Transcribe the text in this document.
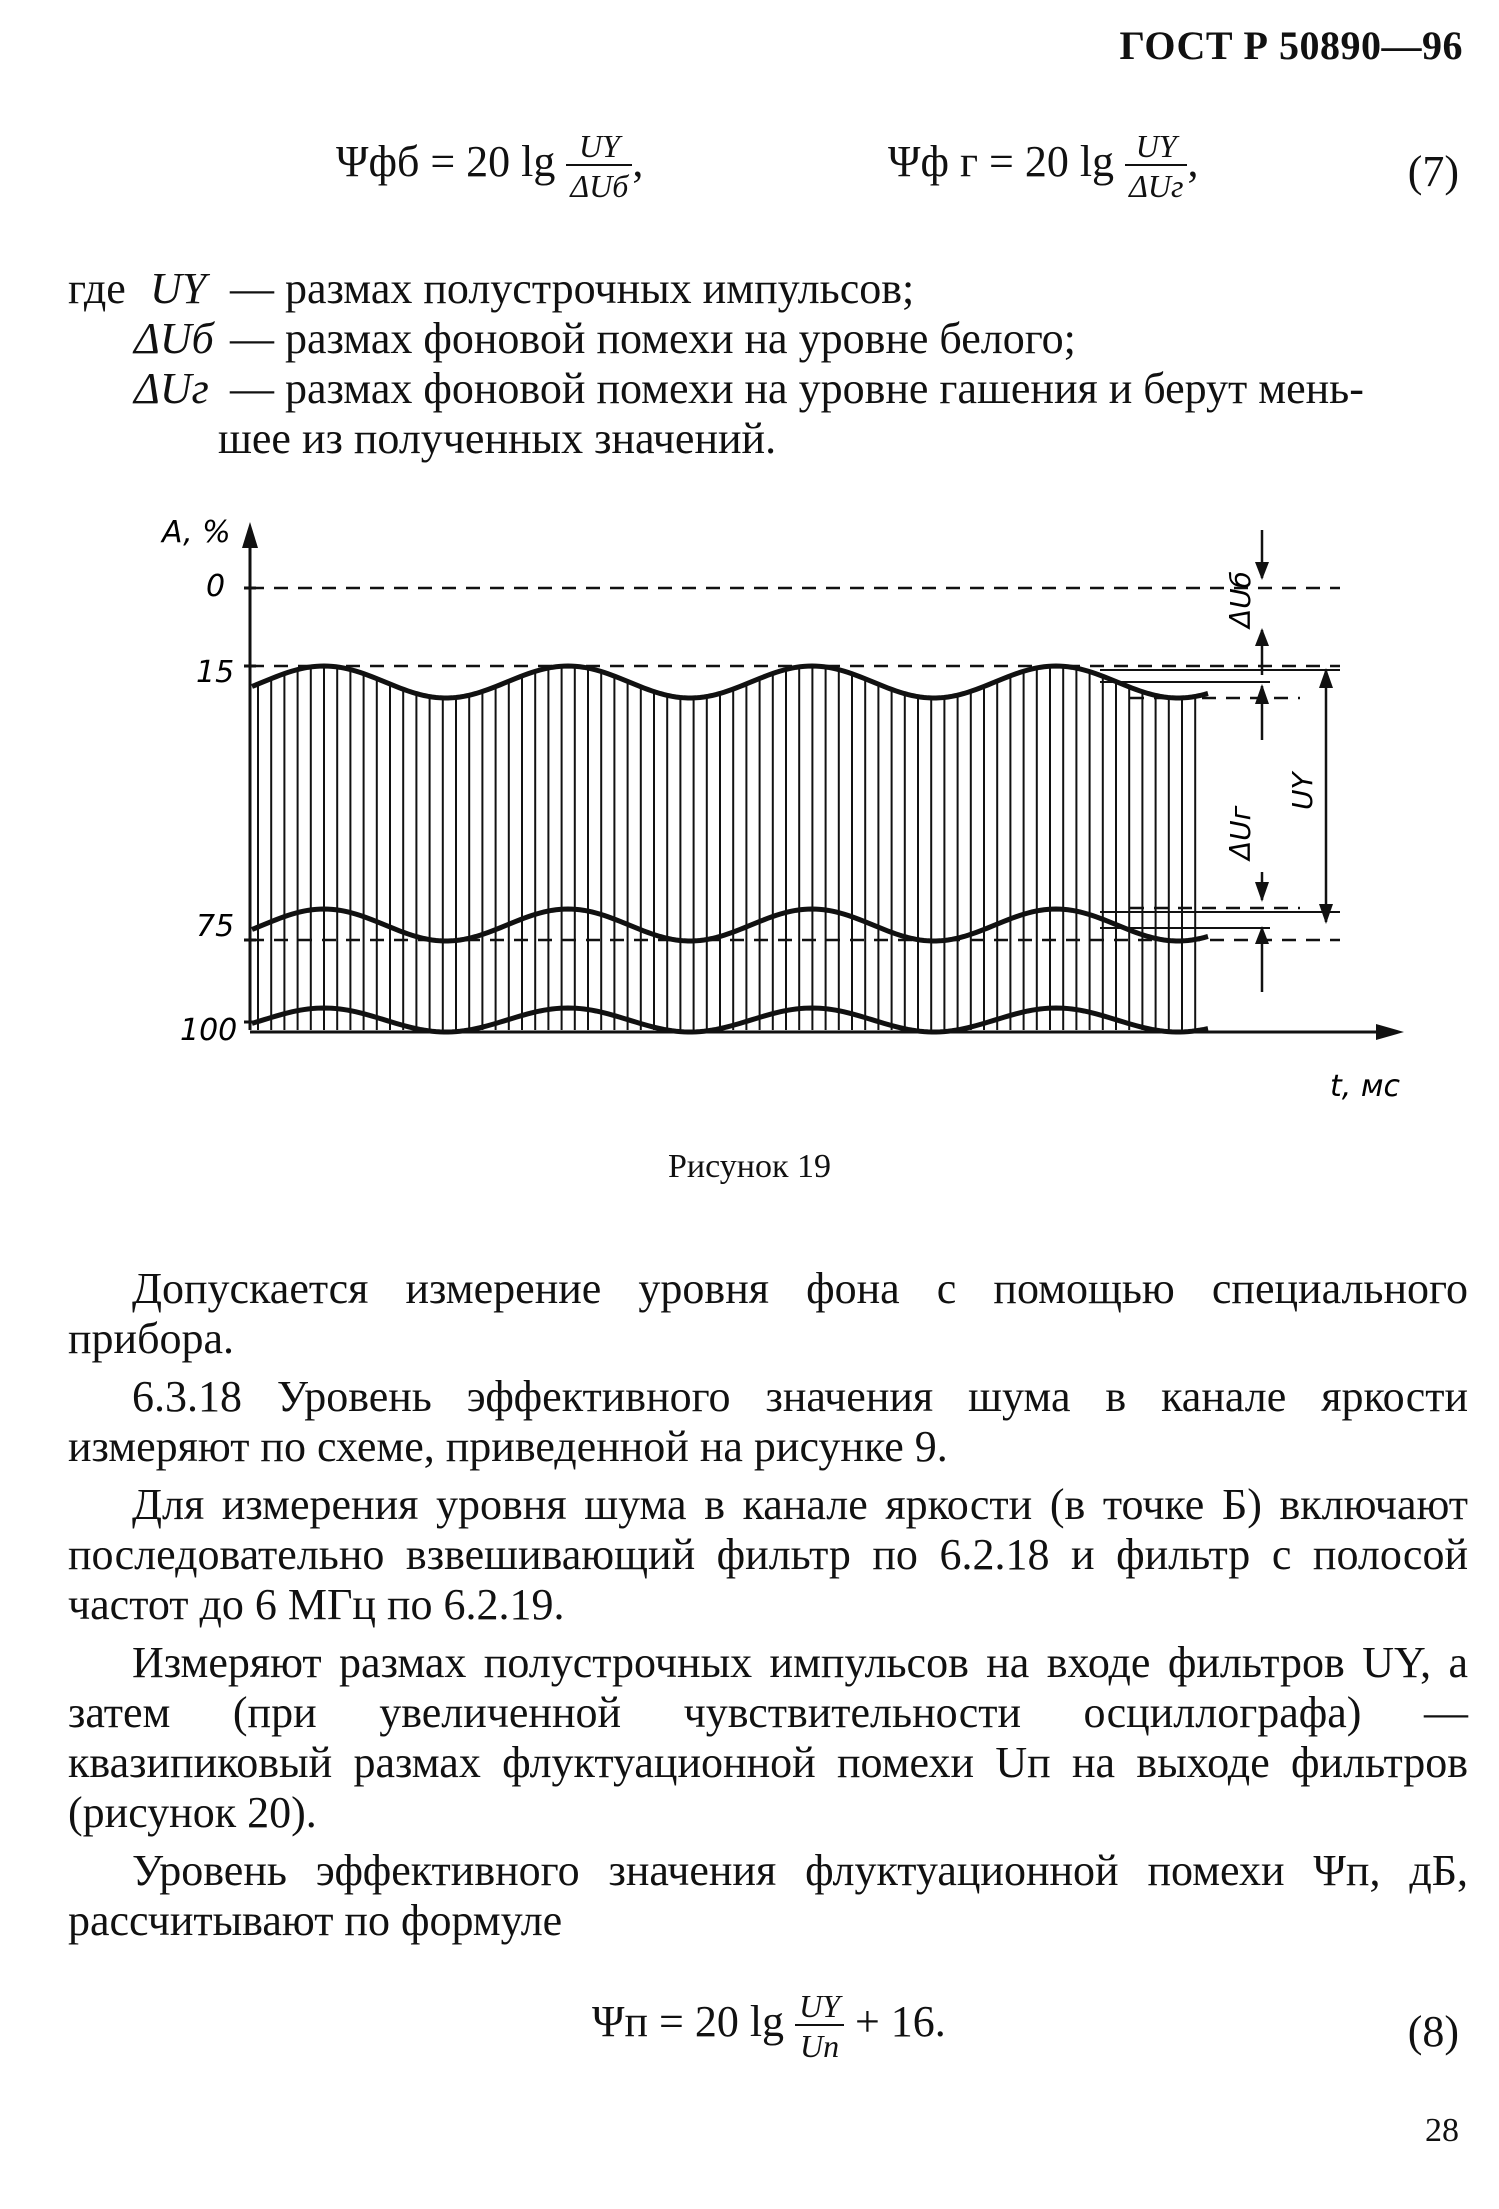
ГОСТ Р 50890—96
Ψфб = 20 $\lg \frac{UY}{\text{ΔUб}}$ ,	Ψф г = 20 $\lg \frac{UY}{\text{ΔUг}}$ ,	(7)
где UY — размах полустрочных импульсов;
ΔUб — размах фоновой помехи на уровне белого;
ΔUг — размах фоновой помехи на уровне гашения и берут мень-
шее из полученных значений.
A, %
t, мс
0
15
75
100
ΔUб
ΔUг
UY
Рисунок 19
Допускается измерение уровня фона с помощью специального прибора.
6.3.18 Уровень эффективного значения шума в канале яркости измеряют по схеме, приведенной на рисунке 9.
Для измерения уровня шума в канале яркости (в точке Б) включают последовательно взвешивающий фильтр по 6.2.18 и фильтр с полосой частот до 6 МГц по 6.2.19.
Измеряют размах полустрочных импульсов на входе фильтров UY, а затем (при увеличенной чувствительности осциллографа) — квазипиковый размах флуктуационной помехи Uп на выходе фильтров (рисунок 20).
Уровень эффективного значения флуктуационной помехи Ψп, дБ, рассчитывают по формуле
Ψп = 20 $\lg \frac{UY}{Uп} + 16$.	(8)
28
